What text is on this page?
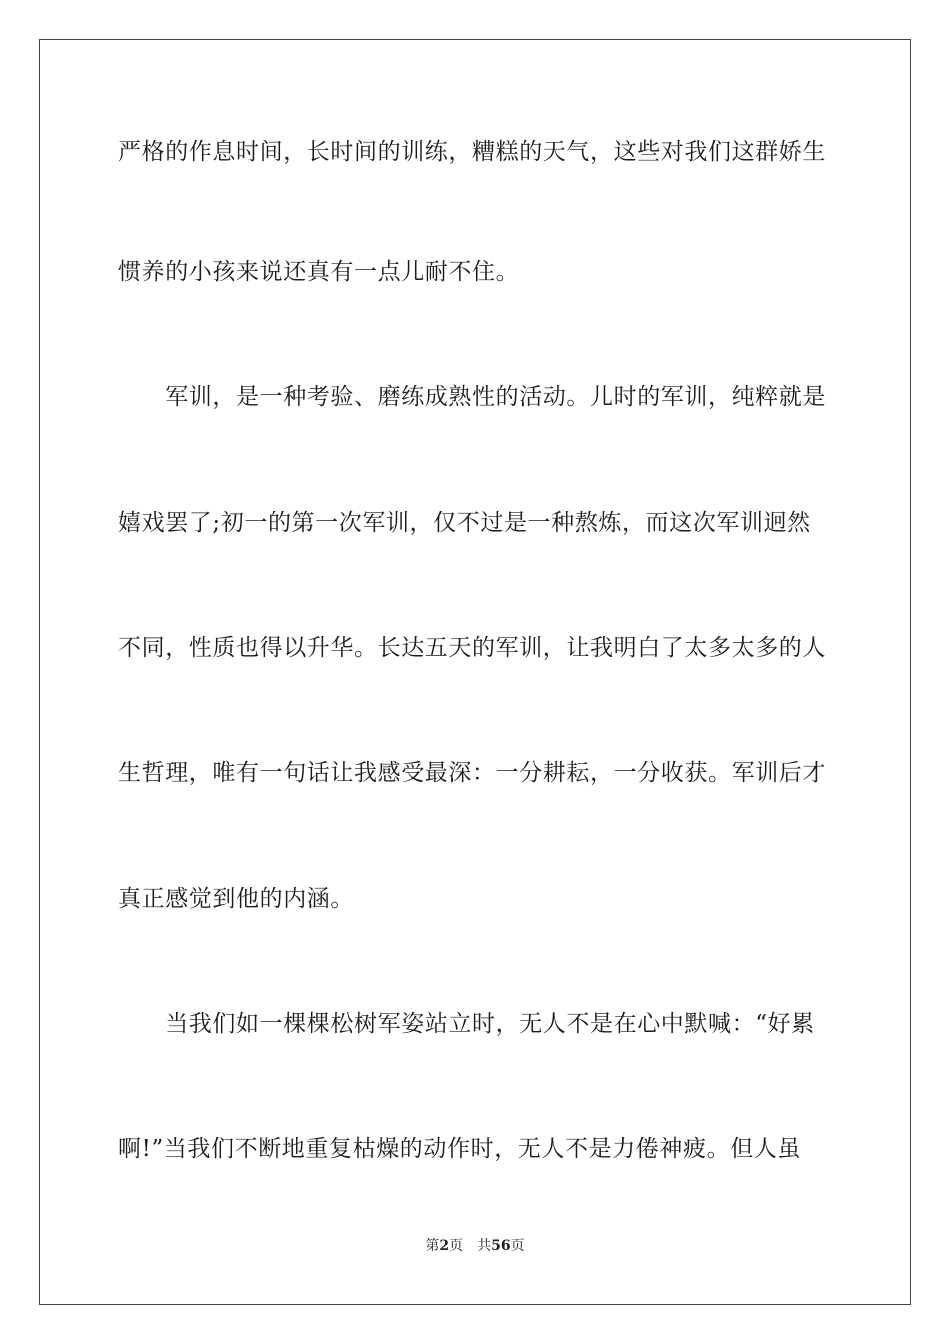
严格的作息时间，长时间的训练，糟糕的天气，这些对我们这群娇生
惯养的小孩来说还真有一点儿耐不住。
　　军训，是一种考验、磨练成熟性的活动。儿时的军训，纯粹就是
嬉戏罢了;初一的第一次军训，仅不过是一种熬炼，而这次军训迥然
不同，性质也得以升华。长达五天的军训，让我明白了太多太多的人
生哲理，唯有一句话让我感受最深：一分耕耘，一分收获。军训后才
真正感觉到他的内涵。
　　当我们如一棵棵松树军姿站立时，无人不是在心中默喊：“好累
啊!”当我们不断地重复枯燥的动作时，无人不是力倦神疲。但人虽
第2页 共56页
